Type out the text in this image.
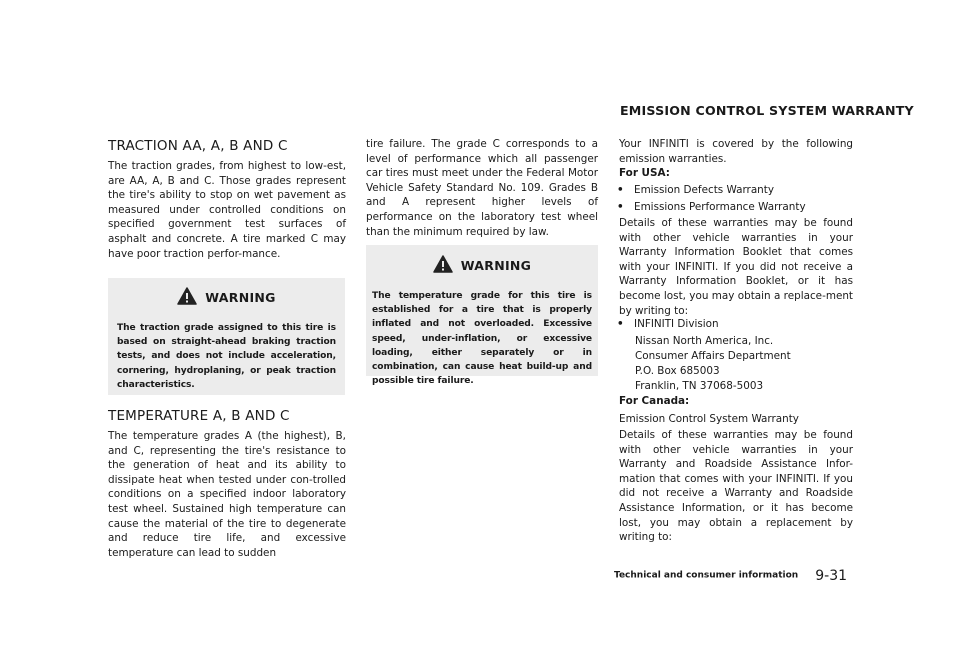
EMISSION CONTROL SYSTEM WARRANTY
TRACTION AA, A, B AND C

The traction grades, from highest to low-est, are AA, A, B and C. Those grades represent the tire's ability to stop on wet pavement as measured under controlled conditions on specified government test surfaces of asphalt and concrete. A tire marked C may have poor traction perfor-mance.

WARNING
The traction grade assigned to this tire is based on straight-ahead braking traction tests, and does not include acceleration, cornering, hydroplaning, or peak traction characteristics.
TEMPERATURE A, B AND C

The temperature grades A (the highest), B, and C, representing the tire's resistance to the generation of heat and its ability to dissipate heat when tested under con-trolled conditions on a specified indoor laboratory test wheel. Sustained high temperature can cause the material of the tire to degenerate and reduce tire life, and excessive temperature can lead to sudden

tire failure. The grade C corresponds to a level of performance which all passenger car tires must meet under the Federal Motor Vehicle Safety Standard No. 109. Grades B and A represent higher levels of performance on the laboratory test wheel than the minimum required by law.

WARNING
The temperature grade for this tire is established for a tire that is properly inflated and not overloaded. Excessive speed, under-inflation, or excessive loading, either separately or in combination, can cause heat build-up and possible tire failure.

Your INFINITI is covered by the following emission warranties.

For USA:
• Emission Defects Warranty
• Emissions Performance Warranty

Details of these warranties may be found with other vehicle warranties in your Warranty Information Booklet that comes with your INFINITI. If you did not receive a Warranty Information Booklet, or it has become lost, you may obtain a replace-ment by writing to:

• INFINITI Division
Nissan North America, Inc.
Consumer Affairs Department
P.O. Box 685003
Franklin, TN 37068-5003
For Canada:
Emission Control System Warranty

Details of these warranties may be found with other vehicle warranties in your Warranty and Roadside Assistance Infor-mation that comes with your INFINITI. If you did not receive a Warranty and Roadside Assistance Information, or it has become lost, you may obtain a replacement by writing to:

Technical and consumer information 9-31
